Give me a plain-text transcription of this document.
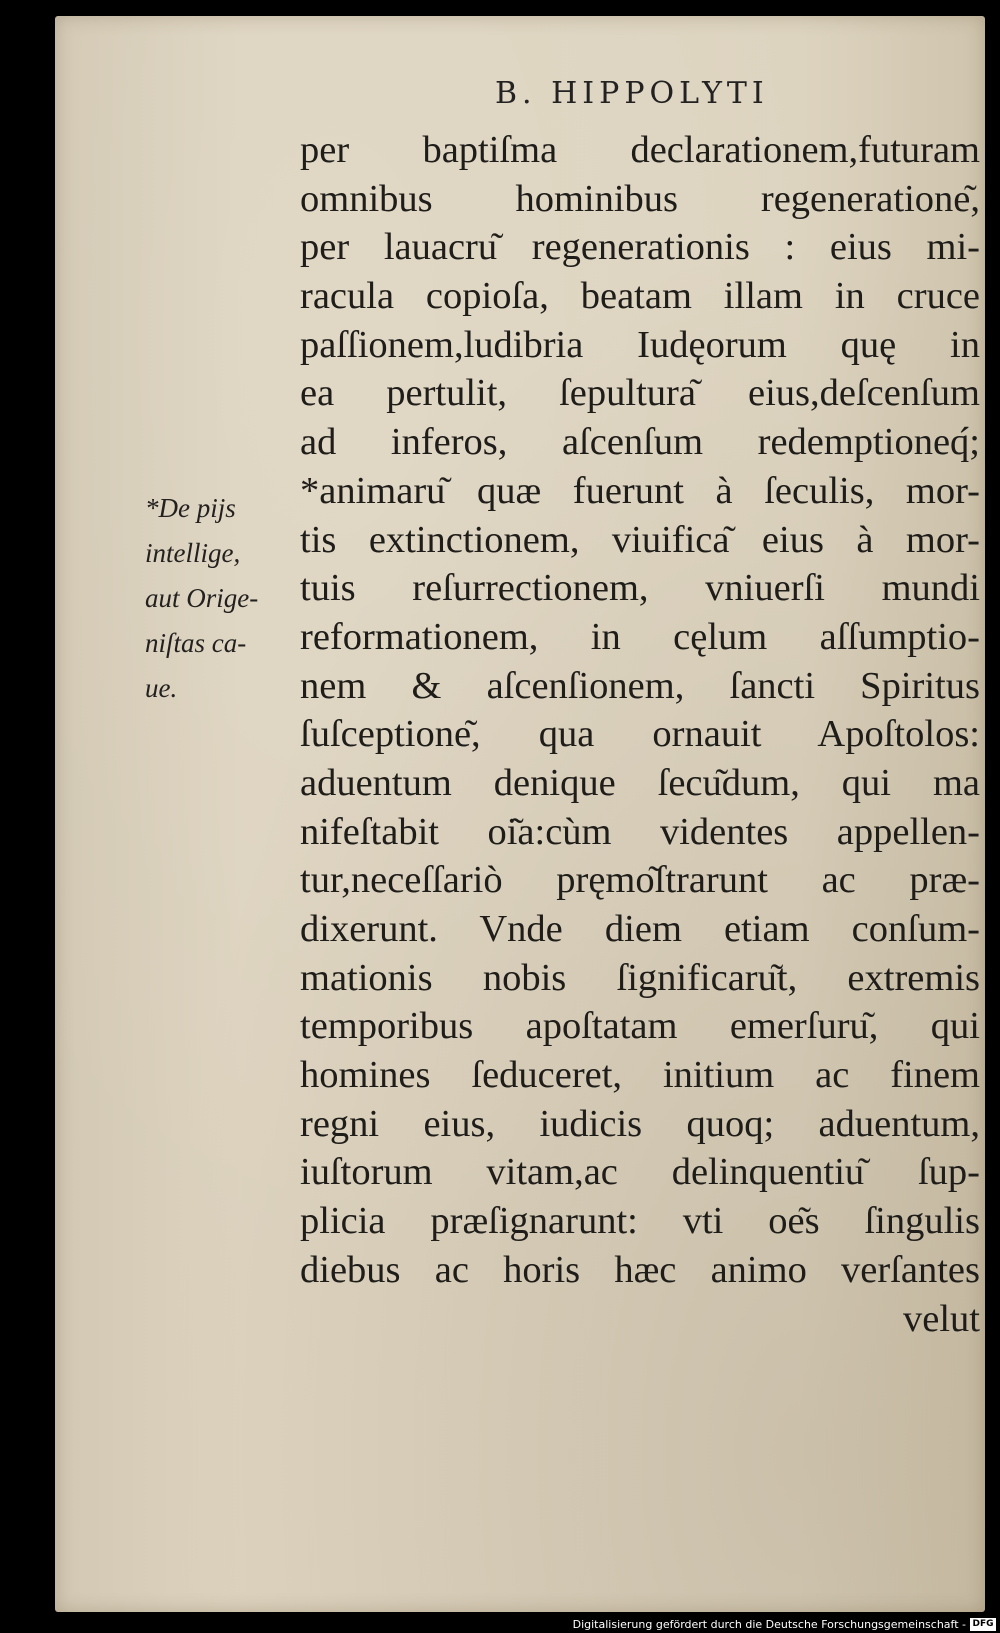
B. HIPPOLYTI
*De pijs
intellige,
aut Orige-
niſtas ca-
ue.
per baptiſma declarationem,futuram
omnibus hominibus regeneratione͂,
per lauacru͂ regenerationis : eius mi-
racula copioſa, beatam illam in cruce
paſſionem,ludibria Iudęorum quę in
ea pertulit, ſepultura͂ eius,deſcenſum
ad inferos, aſcenſum redemptioneq́;
*animaru͂ quæ fuerunt à ſeculis, mor-
tis extinctionem, viuifica͂ eius à mor-
tuis reſurrectionem, vniuerſi mundi
reformationem, in cęlum aſſumptio-
nem & aſcenſionem, ſancti Spiritus
ſuſceptione͂, qua ornauit Apoſtolos:
aduentum denique ſecu͂dum, qui ma
nifeſtabit oi͂a:cùm videntes appellen-
tur,neceſſariò pręmo͂ſtrarunt ac præ-
dixerunt. Vnde diem etiam conſum-
mationis nobis ſignificaru͂t, extremis
temporibus apoſtatam emerſuru͂, qui
homines ſeduceret, initium ac finem
regni eius, iudicis quoq; aduentum,
iuſtorum vitam,ac delinquentiu͂ ſup-
plicia præſignarunt: vti oe͂s ſingulis
diebus ac horis hæc animo verſantes
velut
Digitalisierung gefördert durch die Deutsche Forschungsgemeinschaft - DFG
